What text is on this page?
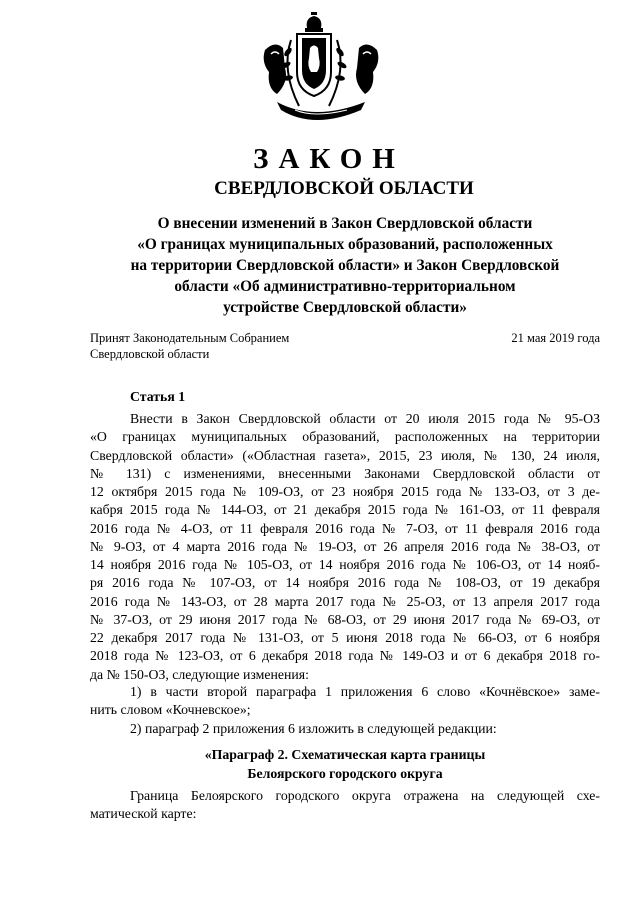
ЗАКОН
СВЕРДЛОВСКОЙ ОБЛАСТИ
О внесении изменений в Закон Свердловской области
«О границах муниципальных образований, расположенных
на территории Свердловской области» и Закон Свердловской
области «Об административно-территориальном
устройстве Свердловской области»
Принят Законодательным Собранием
Свердловской области
21 мая 2019 года
Статья 1
Внести в Закон Свердловской области от 20 июля 2015 года № 95-ОЗ
«О границах муниципальных образований, расположенных на территории
Свердловской области» («Областная газета», 2015, 23 июля, № 130, 24 июля,
№ 131) с изменениями, внесенными Законами Свердловской области от
12 октября 2015 года № 109-ОЗ, от 23 ноября 2015 года № 133-ОЗ, от 3 де-
кабря 2015 года № 144-ОЗ, от 21 декабря 2015 года № 161-ОЗ, от 11 февраля
2016 года № 4-ОЗ, от 11 февраля 2016 года № 7-ОЗ, от 11 февраля 2016 года
№ 9-ОЗ, от 4 марта 2016 года № 19-ОЗ, от 26 апреля 2016 года № 38-ОЗ, от
14 ноября 2016 года № 105-ОЗ, от 14 ноября 2016 года № 106-ОЗ, от 14 нояб-
ря 2016 года № 107-ОЗ, от 14 ноября 2016 года № 108-ОЗ, от 19 декабря
2016 года № 143-ОЗ, от 28 марта 2017 года № 25-ОЗ, от 13 апреля 2017 года
№ 37-ОЗ, от 29 июня 2017 года № 68-ОЗ, от 29 июня 2017 года № 69-ОЗ, от
22 декабря 2017 года № 131-ОЗ, от 5 июня 2018 года № 66-ОЗ, от 6 ноября
2018 года № 123-ОЗ, от 6 декабря 2018 года № 149-ОЗ и от 6 декабря 2018 го-
да № 150-ОЗ, следующие изменения:
1) в части второй параграфа 1 приложения 6 слово «Кочнёвское» заме-
нить словом «Кочневское»;
2) параграф 2 приложения 6 изложить в следующей редакции:
«Параграф 2. Схематическая карта границы
Белоярского городского округа
Граница Белоярского городского округа отражена на следующей схе-
матической карте:
